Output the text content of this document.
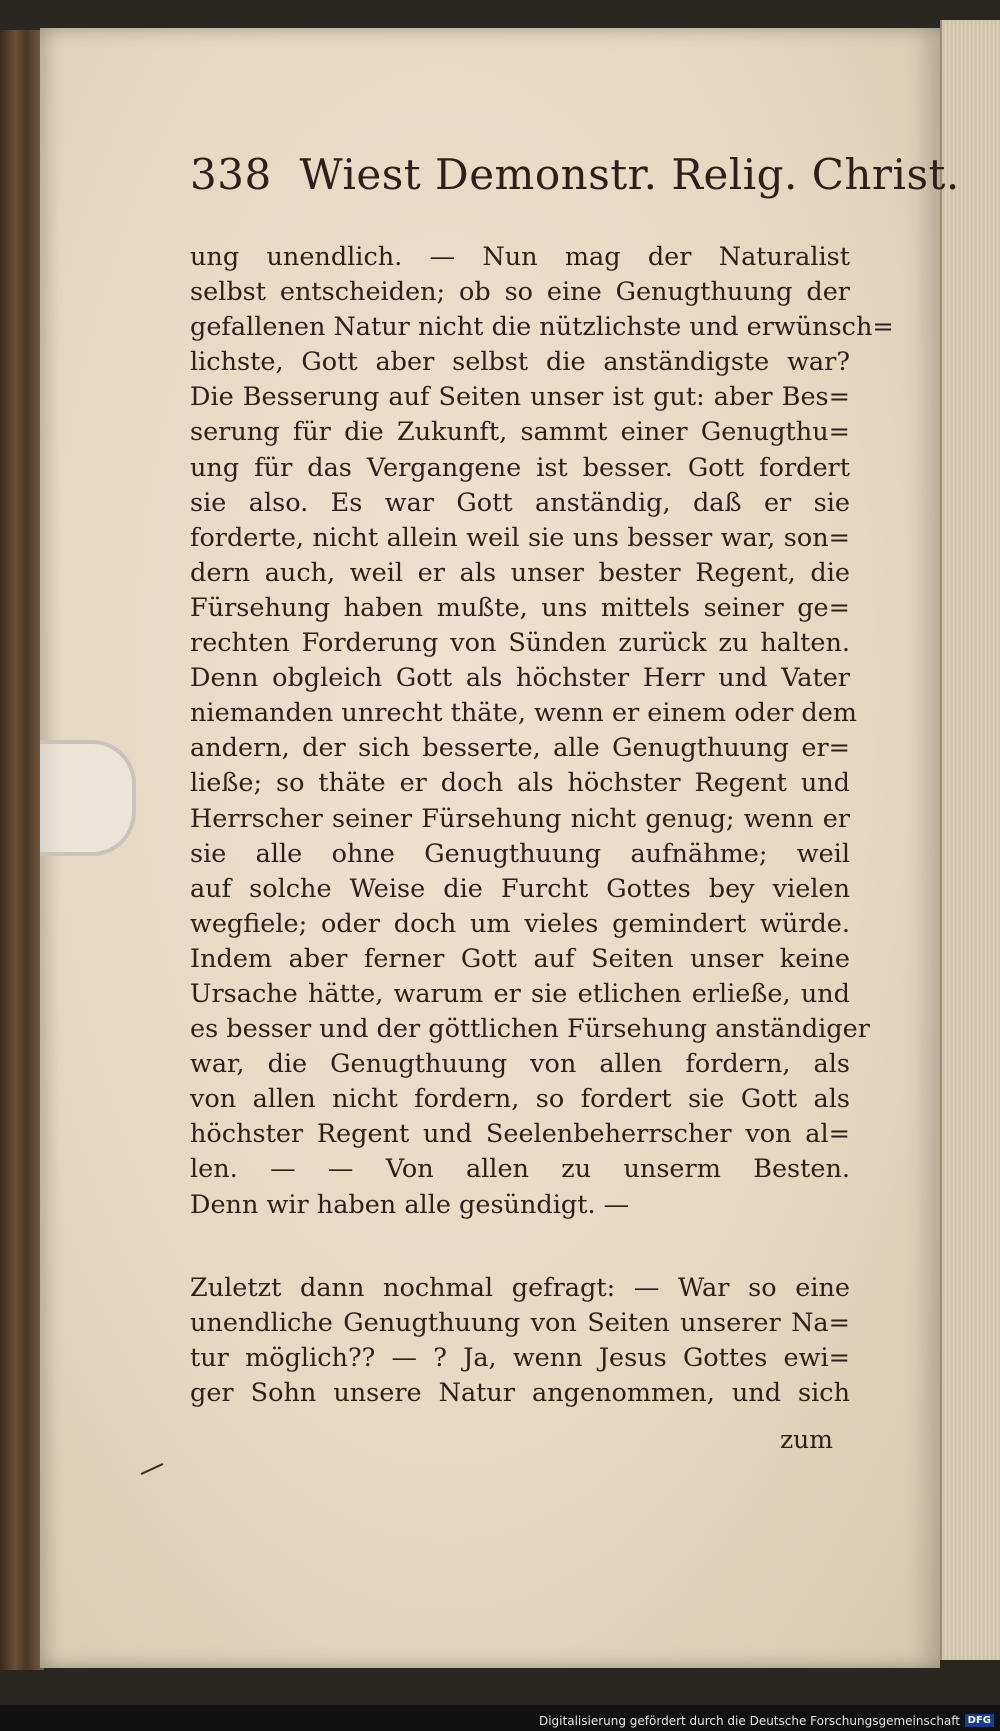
338 Wiest Demonstr. Relig. Christ.
ung unendlich. — Nun mag der Naturalist
selbst entscheiden; ob so eine Genugthuung der
gefallenen Natur nicht die nützlichste und erwünsch=
lichste, Gott aber selbst die anständigste war?
Die Besserung auf Seiten unser ist gut: aber Bes=
serung für die Zukunft, sammt einer Genugthu=
ung für das Vergangene ist besser. Gott fordert
sie also. Es war Gott anständig, daß er sie
forderte, nicht allein weil sie uns besser war, son=
dern auch, weil er als unser bester Regent, die
Fürsehung haben mußte, uns mittels seiner ge=
rechten Forderung von Sünden zurück zu halten.
Denn obgleich Gott als höchster Herr und Vater
niemanden unrecht thäte, wenn er einem oder dem
andern, der sich besserte, alle Genugthuung er=
ließe; so thäte er doch als höchster Regent und
Herrscher seiner Fürsehung nicht genug; wenn er
sie alle ohne Genugthuung aufnähme; weil
auf solche Weise die Furcht Gottes bey vielen
wegfiele; oder doch um vieles gemindert würde.
Indem aber ferner Gott auf Seiten unser keine
Ursache hätte, warum er sie etlichen erließe, und
es besser und der göttlichen Fürsehung anständiger
war, die Genugthuung von allen fordern, als
von allen nicht fordern, so fordert sie Gott als
höchster Regent und Seelenbeherrscher von al=
len. — — Von allen zu unserm Besten.
Denn wir haben alle gesündigt. —
Zuletzt dann nochmal gefragt: — War so eine
unendliche Genugthuung von Seiten unserer Na=
tur möglich?? — ? Ja, wenn Jesus Gottes ewi=
ger Sohn unsere Natur angenommen, und sich
zum
Digitalisierung gefördert durch die Deutsche Forschungsgemeinschaft DFG
